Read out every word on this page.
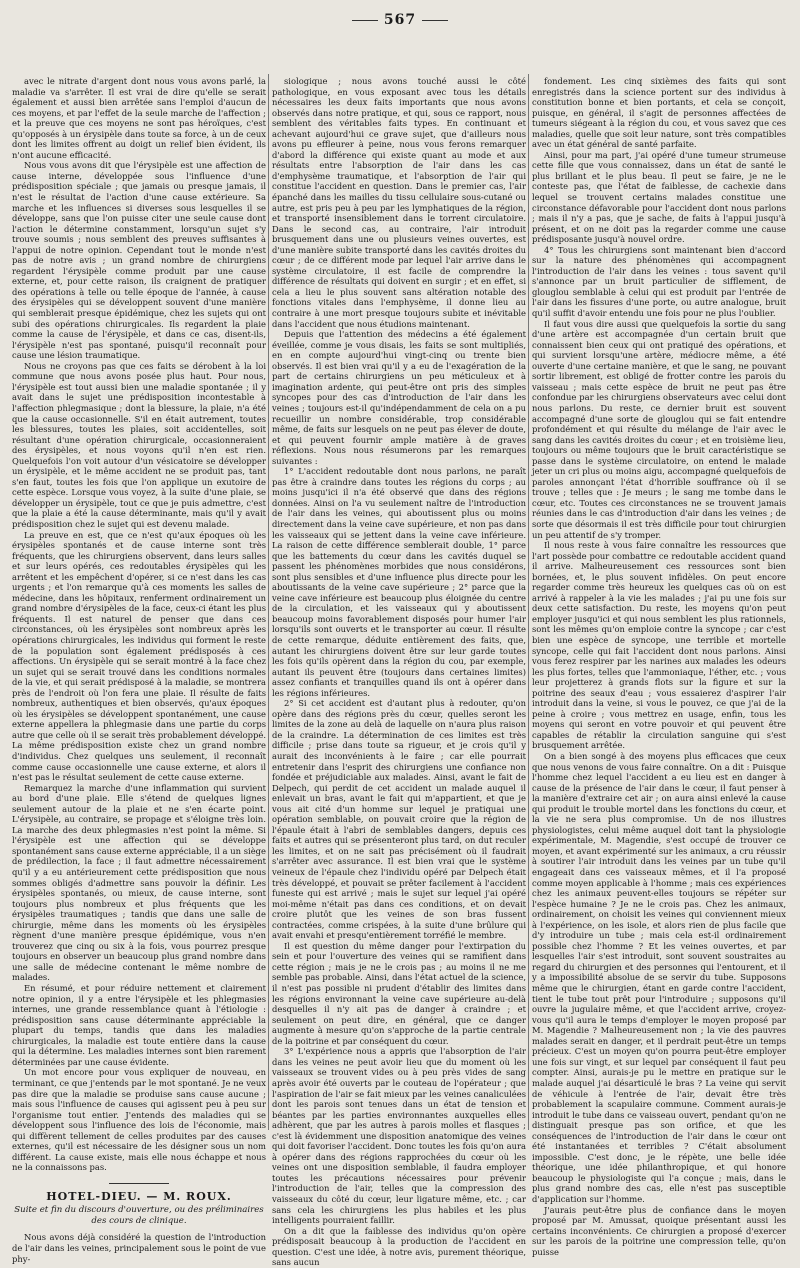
567

avec le nitrate d'argent dont nous vous avons parlé, la maladie va s'arrêter. Il est vrai de dire qu'elle se serait également et aussi bien arrêtée sans l'emploi d'aucun de ces moyens, et par l'effet de la seule marche de l'affection ; et la preuve que ces moyens ne sont pas héroïques, c'est qu'opposés à un érysipèle dans toute sa force, à un de ceux dont les limites offrent au doigt un relief bien évident, ils n'ont aucune efficacité.

Nous vous avons dit que l'érysipèle est une affection de cause interne, développée sous l'influence d'une prédisposition spéciale ; que jamais ou presque jamais, il n'est le résultat de l'action d'une cause extérieure. Sa marche et les influences si diverses sous lesquelles il se développe, sans que l'on puisse citer une seule cause dont l'action le détermine constamment, lorsqu'un sujet s'y trouve soumis ; nous semblent des preuves suffisantes à l'appui de notre opinion. Cependant tout le monde n'est pas de notre avis ; un grand nombre de chirurgiens regardent l'érysipèle comme produit par une cause externe, et, pour cette raison, ils craignent de pratiquer des opérations à telle ou telle époque de l'année, à cause des érysipèles qui se développent souvent d'une manière qui semblerait presque épidémique, chez les sujets qui ont subi des opérations chirurgicales. Ils regardent la plaie comme la cause de l'érysipèle, et dans ce cas, disent-ils, l'érysipèle n'est pas spontané, puisqu'il reconnaît pour cause une lésion traumatique.

Nous ne croyons pas que ces faits se dérobent à la loi commune que nous avons posée plus haut. Pour nous, l'érysipèle est tout aussi bien une maladie spontanée ; il y avait dans le sujet une prédisposition incontestable à l'affection phlegmasique ; dont la blessure, la plaie, n'a été que la cause occasionnelle. S'il en était autrement, toutes les blessures, toutes les plaies, soit accidentelles, soit résultant d'une opération chirurgicale, occasionneraient des érysipèles, et nous voyons qu'il n'en est rien. Quelquefois l'on voit autour d'un vésicatoire se développer un érysipèle, et le même accident ne se produit pas, tant s'en faut, toutes les fois que l'on applique un exutoire de cette espèce. Lorsque vous voyez, à la suite d'une plaie, se développer un érysipèle, tout ce que je puis admettre, c'est que la plaie a été la cause déterminante, mais qu'il y avait prédisposition chez le sujet qui est devenu malade.

La preuve en est, que ce n'est qu'aux époques où les érysipèles spontanés et de cause interne sont très fréquents, que les chirurgiens observent, dans leurs salles et sur leurs opérés, ces redoutables érysipèles qui les arrêtent et les empêchent d'opérer, si ce n'est dans les cas urgents ; et l'on remarque qu'à ces moments les salles de médecine, dans les hôpitaux, renferment ordinairement un grand nombre d'érysipèles de la face, ceux-ci étant les plus fréquents. Il est naturel de penser que dans ces circonstances, où les érysipèles sont nombreux après les opérations chirurgicales, les individus qui forment le reste de la population sont également prédisposés à ces affections. Un érysipèle qui se serait montré à la face chez un sujet qui se serait trouvé dans les conditions normales de la vie, et qui serait prédisposé à la maladie, se montrera près de l'endroit où l'on fera une plaie. Il résulte de faits nombreux, authentiques et bien observés, qu'aux époques où les érysipèles se développent spontanément, une cause externe appellera la phlegmasie dans une partie du corps autre que celle où il se serait très probablement développé. La même prédisposition existe chez un grand nombre d'individus. Chez quelques uns seulement, il reconnaît comme cause occasionnelle une cause externe, et alors il n'est pas le résultat seulement de cette cause externe.

Remarquez la marche d'une inflammation qui survient au bord d'une plaie. Elle s'étend de quelques lignes seulement autour de la plaie et ne s'en écarte point. L'érysipèle, au contraire, se propage et s'éloigne très loin. La marche des deux phlegmasies n'est point la même. Si l'érysipèle est une affection qui se développe spontanément sans cause externe appréciable, il a un siège de prédilection, la face ; il faut admettre nécessairement qu'il y a eu antérieurement cette prédisposition que nous sommes obligés d'admettre sans pouvoir la définir. Les érysipèles spontanés, ou mieux, de cause interne, sont toujours plus nombreux et plus fréquents que les érysipèles traumatiques ; tandis que dans une salle de chirurgie, même dans les moments où les érysipèles règnent d'une manière presque épidémique, vous n'en trouverez que cinq ou six à la fois, vous pourrez presque toujours en observer un beaucoup plus grand nombre dans une salle de médecine contenant le même nombre de malades.

En résumé, et pour réduire nettement et clairement notre opinion, il y a entre l'érysipèle et les phlegmasies internes, une grande ressemblance quant à l'étiologie : prédisposition sans cause déterminante appréciable la plupart du temps, tandis que dans les maladies chirurgicales, la maladie est toute entière dans la cause qui la détermine. Les maladies internes sont bien rarement déterminées par une cause évidente.

Un mot encore pour vous expliquer de nouveau, en terminant, ce que j'entends par le mot spontané. Je ne veux pas dire que la maladie se produise sans cause aucune ; mais sous l'influence de causes qui agissent peu à peu sur l'organisme tout entier. J'entends des maladies qui se développent sous l'influence des lois de l'économie, mais qui diffèrent tellement de celles produites par des causes externes, qu'il est nécessaire de les désigner sous un nom différent. La cause existe, mais elle nous échappe et nous ne la connaissons pas.

HOTEL-DIEU. — M. ROUX.
Suite et fin du discours d'ouverture, ou des préliminaires des cours de clinique.

Nous avons déjà considéré la question de l'introduction de l'air dans les veines, principalement sous le point de vue phy-

siologique ; nous avons touché aussi le côté pathologique, en vous exposant avec tous les détails nécessaires les deux faits importants que nous avons observés dans notre pratique, et qui, sous ce rapport, nous semblent des véritables faits types. En continuant et achevant aujourd'hui ce grave sujet, que d'ailleurs nous avons pu effleurer à peine, nous vous ferons remarquer d'abord la différence qui existe quant au mode et aux résultats entre l'absorption de l'air dans les cas d'emphysème traumatique, et l'absorption de l'air qui constitue l'accident en question. Dans le premier cas, l'air épanché dans les mailles du tissu cellulaire sous-cutané ou autre, est pris peu à peu par les lymphatiques de la région, et transporté insensiblement dans le torrent circulatoire. Dans le second cas, au contraire, l'air introduit brusquement dans une ou plusieurs veines ouvertes, est d'une manière subite transporté dans les cavités droites du cœur ; de ce différent mode par lequel l'air arrive dans le système circulatoire, il est facile de comprendre la différence de résultats qui doivent en surgir ; et en effet, si cela a lieu le plus souvent sans altération notable des fonctions vitales dans l'emphysème, il donne lieu au contraire à une mort presque toujours subite et inévitable dans l'accident que nous étudions maintenant.

Depuis que l'attention des médecins a été également éveillée, comme je vous disais, les faits se sont multipliés, en en compte aujourd'hui vingt-cinq ou trente bien observés. Il est bien vrai qu'il y a eu de l'exagération de la part de certains chirurgiens un peu méticuleux et à imagination ardente, qui peut-être ont pris des simples syncopes pour des cas d'introduction de l'air dans les veines ; toujours est-il qu'indépendamment de cela on a pu recueillir un nombre considérable, trop considérable même, de faits sur lesquels on ne peut pas élever de doute, et qui peuvent fournir ample matière à de graves réflexions. Nous nous résumerons par les remarques suivantes :

1° L'accident redoutable dont nous parlons, ne paraît pas être à craindre dans toutes les régions du corps ; au moins jusqu'ici il n'a été observé que dans des régions données. Ainsi on l'a vu seulement naître de l'introduction de l'air dans les veines, qui aboutissent plus ou moins directement dans la veine cave supérieure, et non pas dans les vaisseaux qui se jettent dans la veine cave inférieure. La raison de cette différence semblerait double, 1° parce que les battements du cœur dans les cavités duquel se passent les phénomènes morbides que nous considérons, sont plus sensibles et d'une influence plus directe pour les aboutissants de la veine cave supérieure ; 2° parce que la veine cave inférieure est beaucoup plus éloignée du centre de la circulation, et les vaisseaux qui y aboutissent beaucoup moins favorablement disposés pour humer l'air lorsqu'ils sont ouverts et le transporter au cœur. Il résulte de cette remarque, déduite entièrement des faits, que, autant les chirurgiens doivent être sur leur garde toutes les fois qu'ils opèrent dans la région du cou, par exemple, autant ils peuvent être (toujours dans certaines limites) assez confiants et tranquilles quand ils ont à opérer dans les régions inférieures.

2° Si cet accident est d'autant plus à redouter, qu'on opère dans des régions près du cœur, quelles seront les limites de la zone au delà de laquelle on n'aura plus raison de la craindre. La détermination de ces limites est très difficile ; prise dans toute sa rigueur, et je crois qu'il y aurait des inconvénients à le faire ; car elle pourrait entretenir dans l'esprit des chirurgiens une confiance non fondée et préjudiciable aux malades. Ainsi, avant le fait de Delpech, qui perdit de cet accident un malade auquel il enlevait un bras, avant le fait qui m'appartient, et que je vous ait cité d'un homme sur lequel je pratiquai une opération semblable, on pouvait croire que la région de l'épaule était à l'abri de semblables dangers, depuis ces faits et autres qui se présenteront plus tard, on dut reculer les limites, et on ne sait pas précisément où il faudrait s'arrêter avec assurance. Il est bien vrai que le système veineux de l'épaule chez l'individu opéré par Delpech était très développé, et pouvait se prêter facilement à l'accident funeste qui est arrivé ; mais le sujet sur lequel j'ai opéré moi-même n'était pas dans ces conditions, et on devait croire plutôt que les veines de son bras fussent contractées, comme crispées, à la suite d'une brûlure qui avait envahi et presqu'entièrement torréfié le membre.

Il est question du même danger pour l'extirpation du sein et pour l'ouverture des veines qui se ramifient dans cette région ; mais je ne le crois pas ; au moins il ne me semble pas probable. Ainsi, dans l'état actuel de la science, il n'est pas possible ni prudent d'établir des limites dans les régions environnant la veine cave supérieure au-delà desquelles il n'y ait pas de danger à craindre ; et seulement on peut dire, en général, que ce danger augmente à mesure qu'on s'approche de la partie centrale de la poitrine et par conséquent du cœur.

3° L'expérience nous a appris que l'absorption de l'air dans les veines ne peut avoir lieu que du moment où les vaisseaux se trouvent vides ou à peu près vides de sang après avoir été ouverts par le couteau de l'opérateur ; que l'aspiration de l'air se fait mieux par les veines canaliculées dont les parois sont tenues dans un état de tension et béantes par les parties environnantes auxquelles elles adhèrent, que par les autres à parois molles et flasques ; c'est là évidemment une disposition anatomique des veines qui doit favoriser l'accident. Donc toutes les fois qu'on aura à opérer dans des régions rapprochées du cœur où les veines ont une disposition semblable, il faudra employer toutes les précautions nécessaires pour prévenir l'introduction de l'air, telles que la compression des vaisseaux du côté du cœur, leur ligature même, etc. ; car sans cela les chirurgiens les plus habiles et les plus intelligents pourraient faillir.

On a dit que la faiblesse des individus qu'on opère prédisposait beaucoup à la production de l'accident en question. C'est une idée, à notre avis, purement théorique, sans aucun

fondement. Les cinq sixièmes des faits qui sont enregistrés dans la science portent sur des individus à constitution bonne et bien portants, et cela se conçoit, puisque, en général, il s'agit de personnes affectées de tumeurs siégeant à la région du cou, et vous savez que ces maladies, quelle que soit leur nature, sont très compatibles avec un état général de santé parfaite.

Ainsi, pour ma part, j'ai opéré d'une tumeur strumeuse cette fille que vous connaissez, dans un état de santé le plus brillant et le plus beau. Il peut se faire, je ne le conteste pas, que l'état de faiblesse, de cachexie dans lequel se trouvent certains malades constitue une circonstance défavorable pour l'accident dont nous parlons ; mais il n'y a pas, que je sache, de faits à l'appui jusqu'à présent, et on ne doit pas la regarder comme une cause prédisposante jusqu'à nouvel ordre.

4° Tous les chirurgiens sont maintenant bien d'accord sur la nature des phénomènes qui accompagnent l'introduction de l'air dans les veines : tous savent qu'il s'annonce par un bruit particulier de sifflement, de glouglou semblable à celui qui est produit par l'entrée de l'air dans les fissures d'une porte, ou autre analogue, bruit qu'il suffit d'avoir entendu une fois pour ne plus l'oublier.

Il faut vous dire aussi que quelquefois la sortie du sang d'une artère est accompagnée d'un certain bruit que connaissent bien ceux qui ont pratiqué des opérations, et qui survient lorsqu'une artère, médiocre même, a été ouverte d'une certaine manière, et que le sang, ne pouvant sortir librement, est obligé de frotter contre les parois du vaisseau ; mais cette espèce de bruit ne peut pas être confondue par les chirurgiens observateurs avec celui dont nous parlons. Du reste, ce dernier bruit est souvent accompagné d'une sorte de glouglou qui se fait entendre profondément et qui résulte du mélange de l'air avec le sang dans les cavités droites du cœur ; et en troisième lieu, toujours ou même toujours que le bruit caractéristique se passe dans le système circulatoire, on entend le malade jeter un cri plus ou moins aigu, accompagné quelquefois de paroles annonçant l'état d'horrible souffrance où il se trouve ; telles que : Je meurs ; le sang me tombe dans le cœur, etc. Toutes ces circonstances ne se trouvent jamais réunies dans le cas d'introduction d'air dans les veines ; de sorte que désormais il est très difficile pour tout chirurgien un peu attentif de s'y tromper.

Il nous reste à vous faire connaître les ressources que l'art possède pour combattre ce redoutable accident quand il arrive. Malheureusement ces ressources sont bien bornées, et, le plus souvent infidèles. On peut encore regarder comme très heureux les quelques cas où on est arrivé à rappeler à la vie les malades ; j'ai pu une fois sur deux cette satisfaction. Du reste, les moyens qu'on peut employer jusqu'ici et qui nous semblent les plus rationnels, sont les mêmes qu'on emploie contre la syncope ; car c'est bien une espèce de syncope, une terrible et mortelle syncope, celle qui fait l'accident dont nous parlons. Ainsi vous ferez respirer par les narines aux malades les odeurs les plus fortes, telles que l'ammoniaque, l'éther, etc. ; vous leur projetterez à grands flots sur la figure et sur la poitrine des seaux d'eau ; vous essaierez d'aspirer l'air introduit dans la veine, si vous le pouvez, ce que j'ai de la peine à croire ; vous mettrez en usage, enfin, tous les moyens qui seront en votre pouvoir et qui peuvent être capables de rétablir la circulation sanguine qui s'est brusquement arrêtée.

On a bien songé à des moyens plus efficaces que ceux que nous venons de vous faire connaître. On a dit : Puisque l'homme chez lequel l'accident a eu lieu est en danger à cause de la présence de l'air dans le cœur, il faut penser à la manière d'extraire cet air ; on aura ainsi enlevé la cause qui produit le trouble mortel dans les fonctions du cœur, et la vie ne sera plus compromise. Un de nos illustres physiologistes, celui même auquel doit tant la physiologie expérimentale, M. Magendie, s'est occupé de trouver ce moyen, et avant expérimenté sur les animaux, a cru réussir à soutirer l'air introduit dans les veines par un tube qu'il engageait dans ces vaisseaux mêmes, et il l'a proposé comme moyen applicable à l'homme ; mais ces expériences chez les animaux peuvent-elles toujours se répéter sur l'espèce humaine ? Je ne le crois pas. Chez les animaux, ordinairement, on choisit les veines qui conviennent mieux à l'expérience, on les isole, et alors rien de plus facile que d'y introduire un tube ; mais cela est-il ordinairement possible chez l'homme ? Et les veines ouvertes, et par lesquelles l'air s'est introduit, sont souvent soustraites au regard du chirurgien et des personnes qui l'entourent, et il y a impossibilité absolue de se servir du tube. Supposons même que le chirurgien, étant en garde contre l'accident, tient le tube tout prêt pour l'introduire ; supposons qu'il ouvre la jugulaire même, et que l'accident arrive, croyez-vous qu'il aura le temps d'employer le moyen proposé par M. Magendie ? Malheureusement non ; la vie des pauvres malades serait en danger, et il perdrait peut-être un temps précieux. C'est un moyen qu'on pourra peut-être employer une fois sur vingt, et sur lequel par conséquent il faut peu compter. Ainsi, aurais-je pu le mettre en pratique sur le malade auquel j'ai désarticulé le bras ? La veine qui servit de véhicule à l'entrée de l'air, devait être très probablement la scapulaire commune. Comment aurais-je introduit le tube dans ce vaisseau ouvert, pendant qu'on ne distinguait presque pas son orifice, et que les conséquences de l'introduction de l'air dans le cœur ont été instantanées et terribles ? C'était absolument impossible. C'est donc, je le répète, une belle idée théorique, une idée philanthropique, et qui honore beaucoup le physiologiste qui l'a conçue ; mais, dans le plus grand nombre des cas, elle n'est pas susceptible d'application sur l'homme.

J'aurais peut-être plus de confiance dans le moyen proposé par M. Amussat, quoique présentant aussi les certains inconvénients. Ce chirurgien a proposé d'exercer sur les parois de la poitrine une compression telle, qu'on puisse
